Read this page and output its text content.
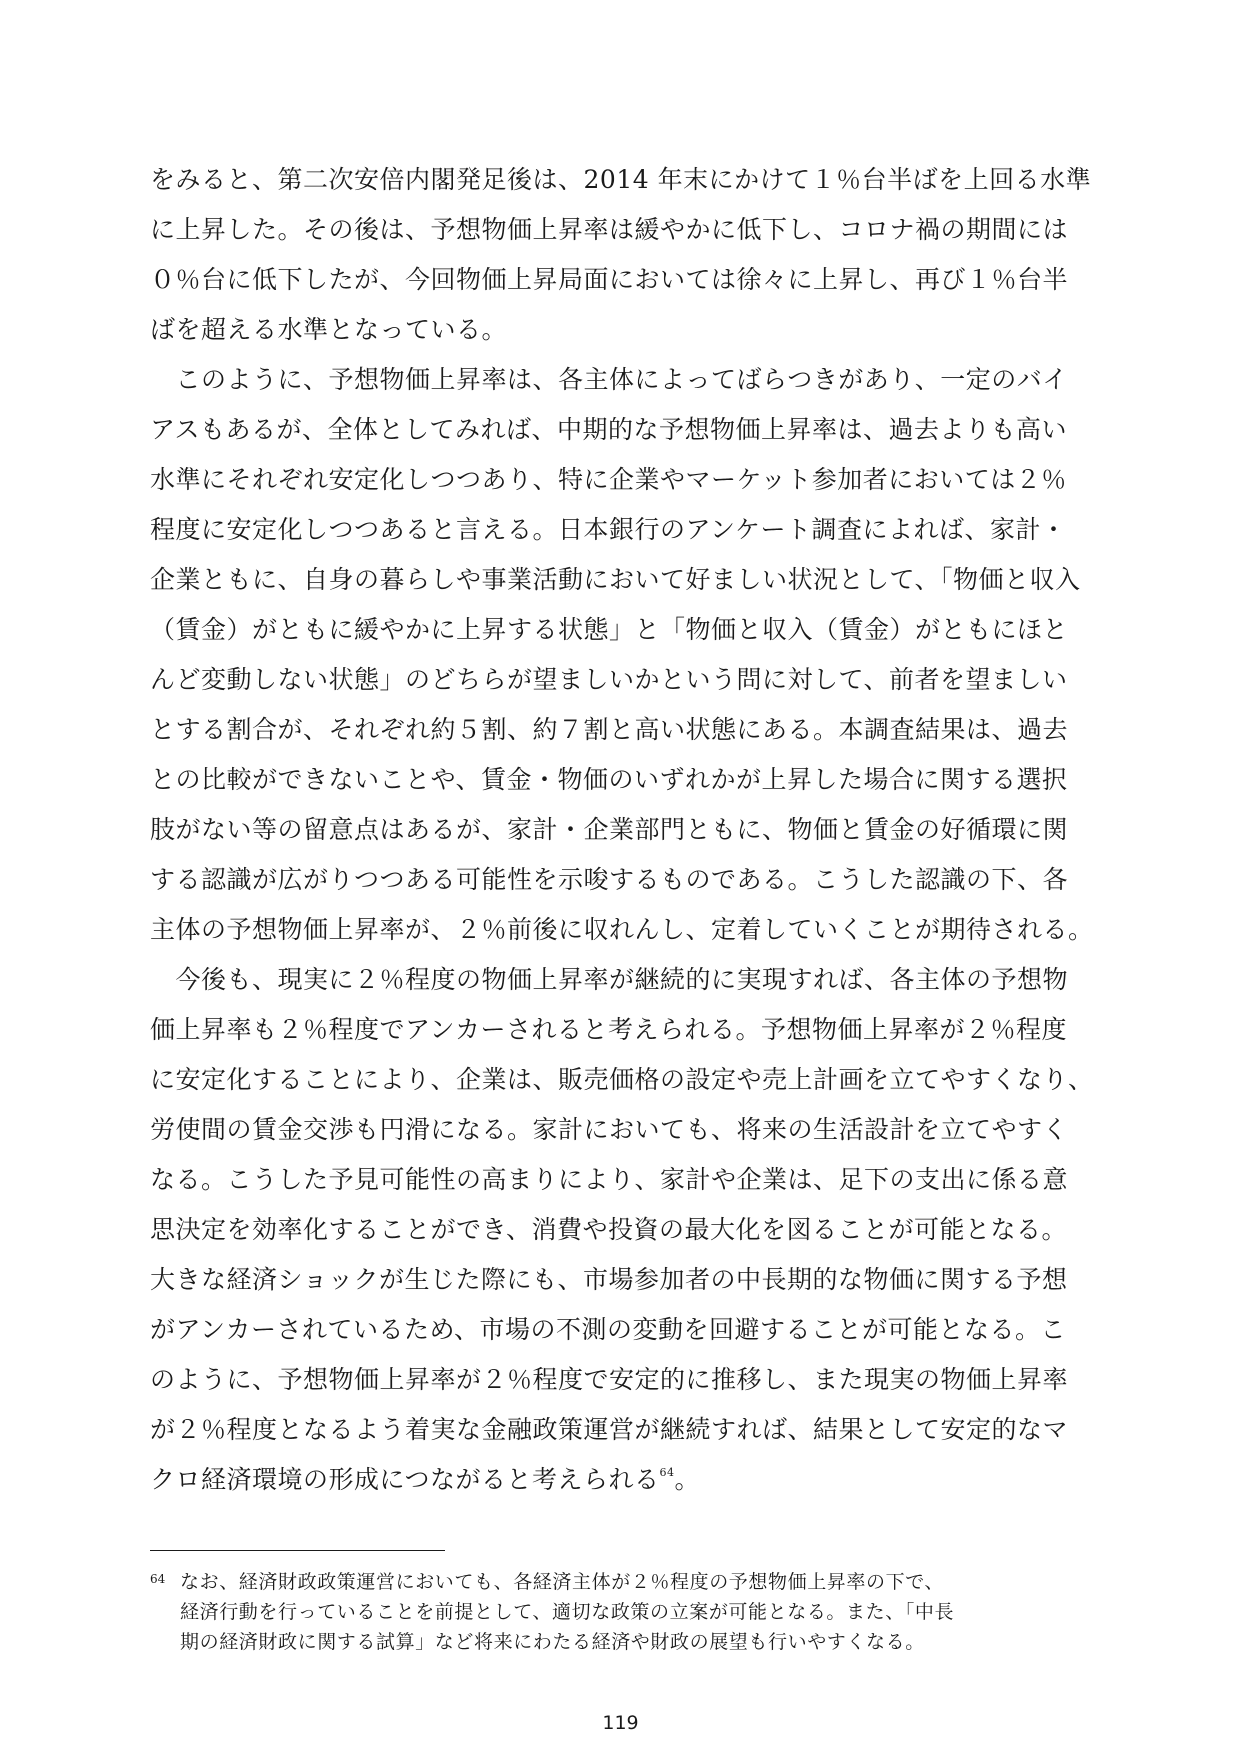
をみると、第二次安倍内閣発足後は、2014 年末にかけて１％台半ばを上回る水準
に上昇した。その後は、予想物価上昇率は緩やかに低下し、コロナ禍の期間には
０％台に低下したが、今回物価上昇局面においては徐々に上昇し、再び１％台半
ばを超える水準となっている。
　このように、予想物価上昇率は、各主体によってばらつきがあり、一定のバイ
アスもあるが、全体としてみれば、中期的な予想物価上昇率は、過去よりも高い
水準にそれぞれ安定化しつつあり、特に企業やマーケット参加者においては２％
程度に安定化しつつあると言える。日本銀行のアンケート調査によれば、家計・
企業ともに、自身の暮らしや事業活動において好ましい状況として、「物価と収入
（賃金）がともに緩やかに上昇する状態」と「物価と収入（賃金）がともにほと
んど変動しない状態」のどちらが望ましいかという問に対して、前者を望ましい
とする割合が、それぞれ約５割、約７割と高い状態にある。本調査結果は、過去
との比較ができないことや、賃金・物価のいずれかが上昇した場合に関する選択
肢がない等の留意点はあるが、家計・企業部門ともに、物価と賃金の好循環に関
する認識が広がりつつある可能性を示唆するものである。こうした認識の下、各
主体の予想物価上昇率が、２％前後に収れんし、定着していくことが期待される。
　今後も、現実に２％程度の物価上昇率が継続的に実現すれば、各主体の予想物
価上昇率も２％程度でアンカーされると考えられる。予想物価上昇率が２％程度
に安定化することにより、企業は、販売価格の設定や売上計画を立てやすくなり、
労使間の賃金交渉も円滑になる。家計においても、将来の生活設計を立てやすく
なる。こうした予見可能性の高まりにより、家計や企業は、足下の支出に係る意
思決定を効率化することができ、消費や投資の最大化を図ることが可能となる。
大きな経済ショックが生じた際にも、市場参加者の中長期的な物価に関する予想
がアンカーされているため、市場の不測の変動を回避することが可能となる。こ
のように、予想物価上昇率が２％程度で安定的に推移し、また現実の物価上昇率
が２％程度となるよう着実な金融政策運営が継続すれば、結果として安定的なマ
クロ経済環境の形成につながると考えられる$^{64}$。
64 なお、経済財政政策運営においても、各経済主体が２％程度の予想物価上昇率の下で、
経済行動を行っていることを前提として、適切な政策の立案が可能となる。また、「中長
期の経済財政に関する試算」など将来にわたる経済や財政の展望も行いやすくなる。
119
